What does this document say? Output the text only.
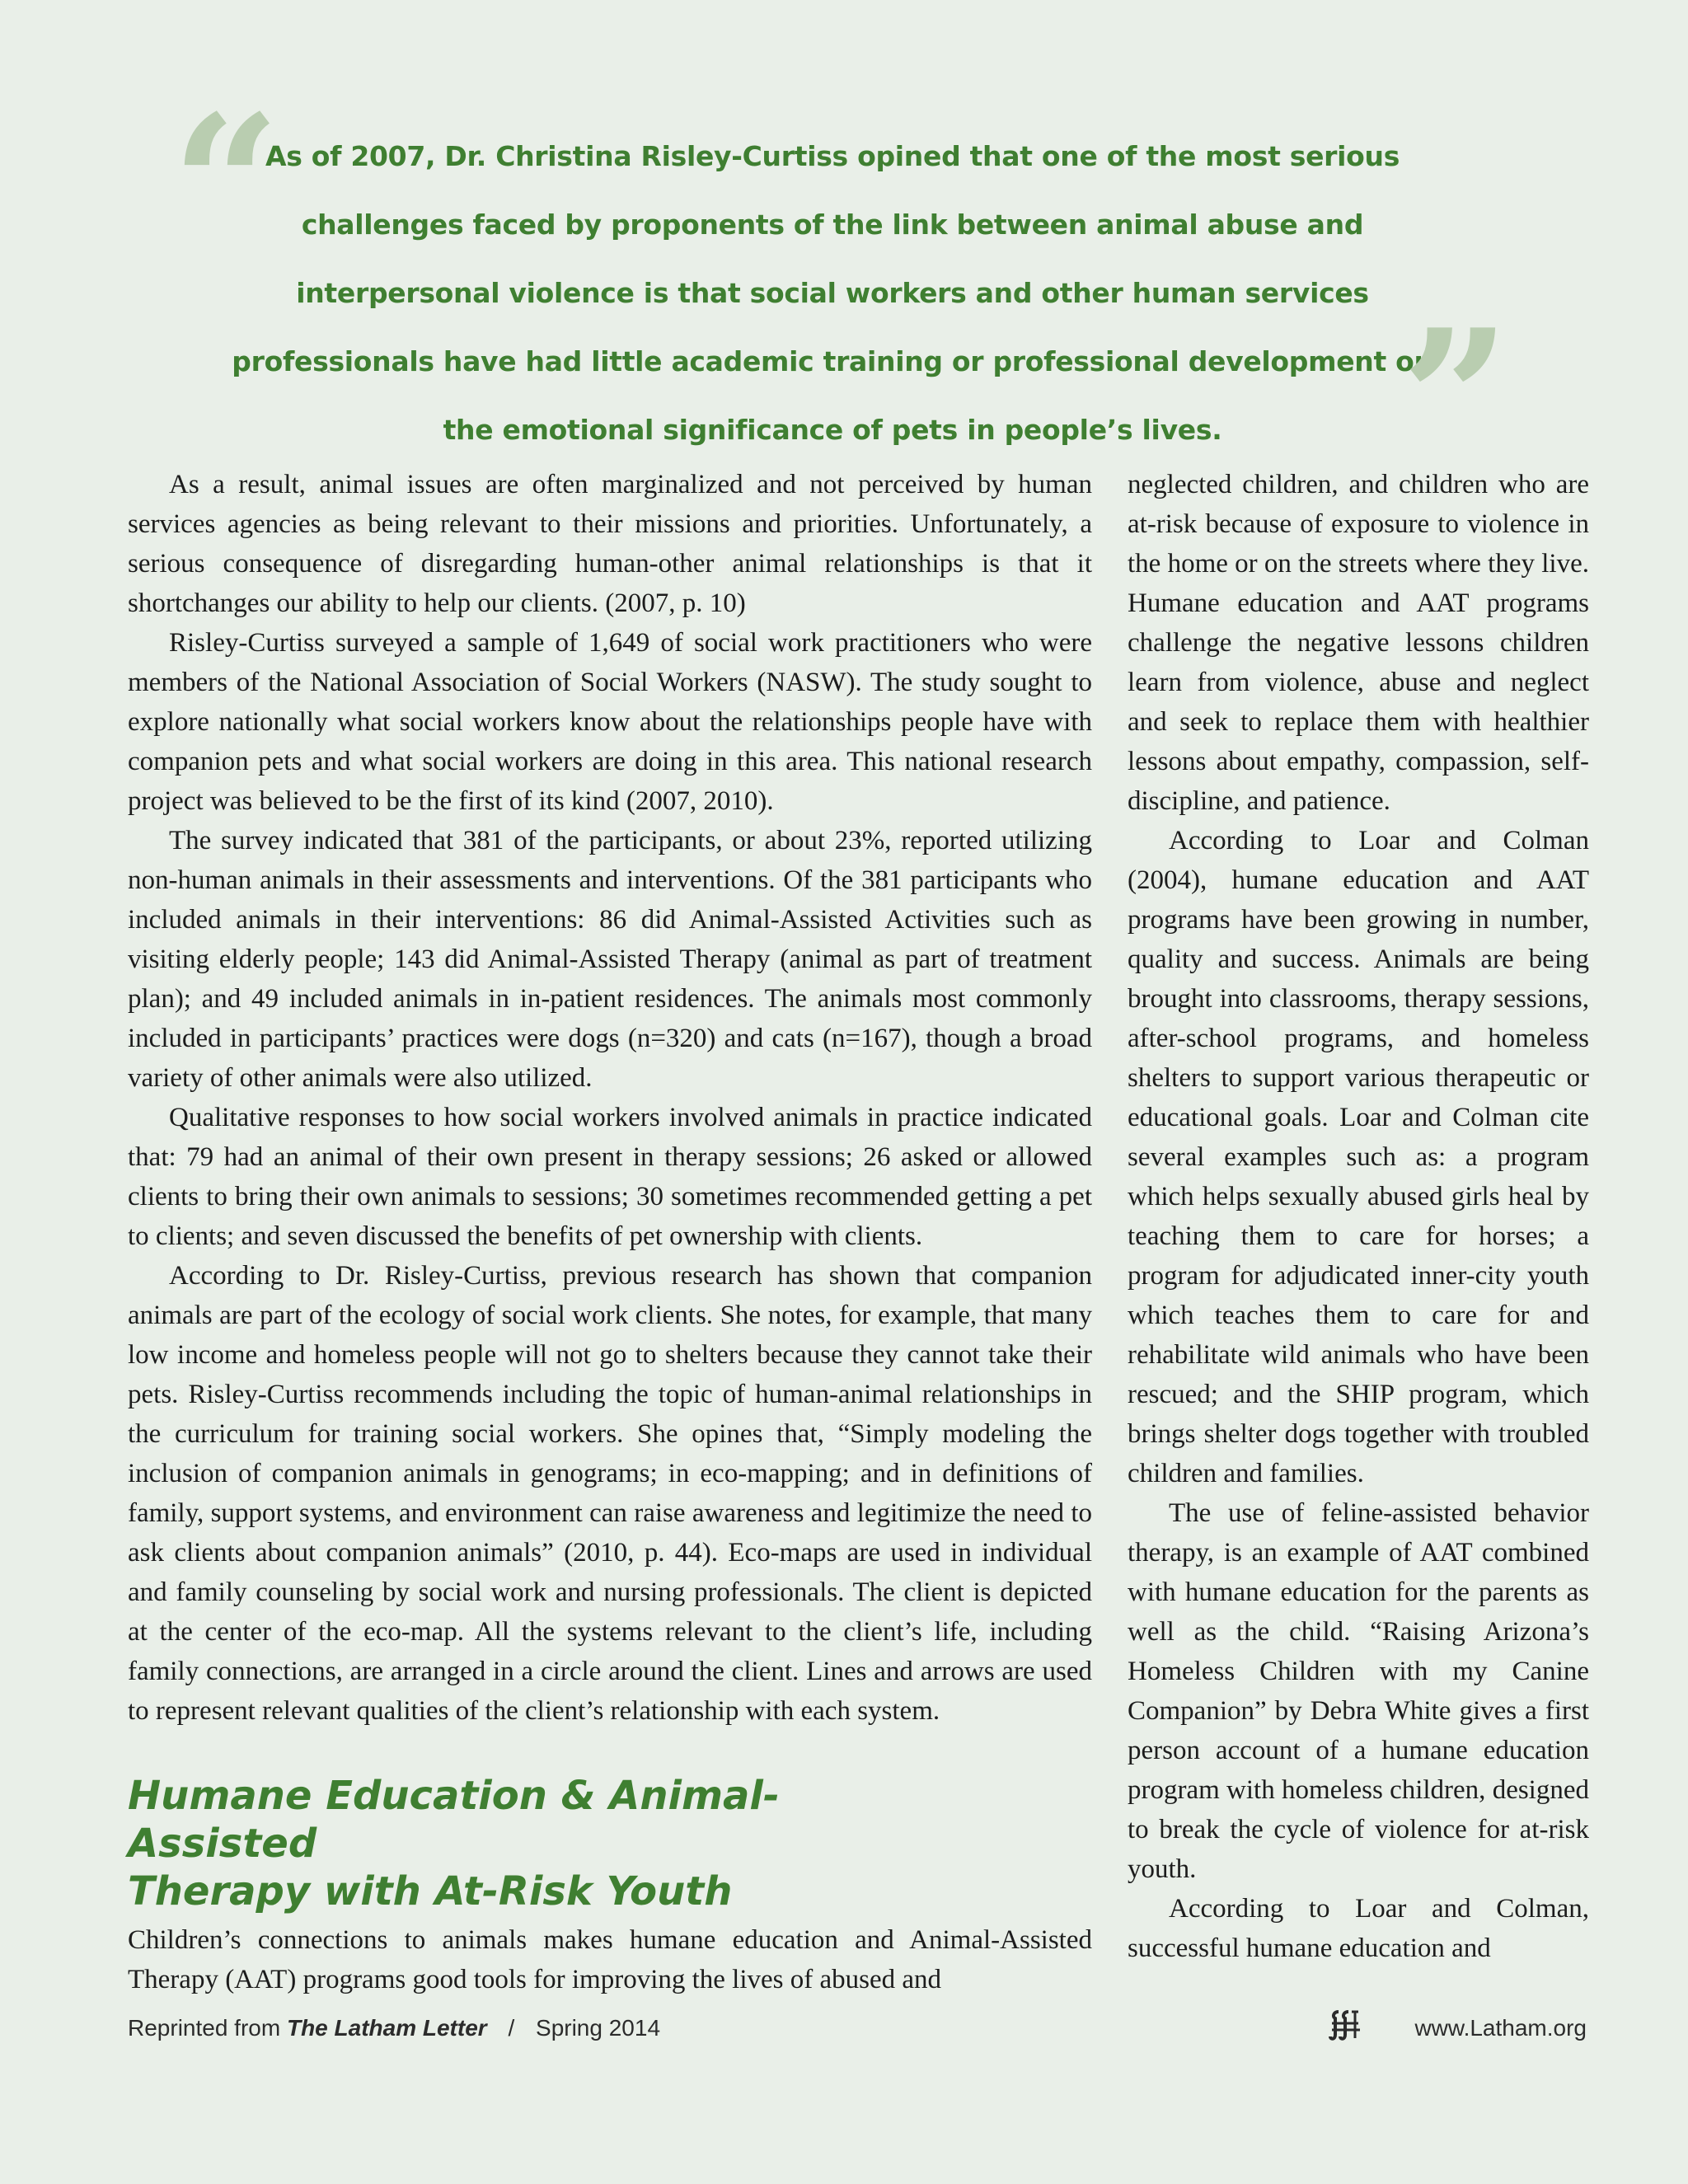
“
As of 2007, Dr. Christina Risley-Curtiss opined that one of the most serious challenges faced by proponents of the link between animal abuse and interpersonal violence is that social workers and other human services professionals have had little academic training or professional development on the emotional significance of pets in people’s lives. ”

As a result, animal issues are often marginalized and not perceived by human services agencies as being relevant to their missions and priorities. Unfortunately, a serious consequence of disregarding human-other animal relationships is that it shortchanges our ability to help our clients. (2007, p. 10)

Risley-Curtiss surveyed a sample of 1,649 of social work practitioners who were members of the National Association of Social Workers (NASW). The study sought to explore nationally what social workers know about the relationships people have with companion pets and what social workers are doing in this area. This national research project was believed to be the first of its kind (2007, 2010).

The survey indicated that 381 of the participants, or about 23%, reported utilizing non-human animals in their assessments and interventions. Of the 381 participants who included animals in their interventions: 86 did Animal-Assisted Activities such as visiting elderly people; 143 did Animal-Assisted Therapy (animal as part of treatment plan); and 49 included animals in in-patient residences. The animals most commonly included in participants’ practices were dogs (n=320) and cats (n=167), though a broad variety of other animals were also utilized.

Qualitative responses to how social workers involved animals in practice indicated that: 79 had an animal of their own present in therapy sessions; 26 asked or allowed clients to bring their own animals to sessions; 30 sometimes recommended getting a pet to clients; and seven discussed the benefits of pet ownership with clients.

According to Dr. Risley-Curtiss, previous research has shown that companion animals are part of the ecology of social work clients. She notes, for example, that many low income and homeless people will not go to shelters because they cannot take their pets. Risley-Curtiss recommends including the topic of human-animal relationships in the curriculum for training social workers. She opines that, “Simply modeling the inclusion of companion animals in genograms; in eco-mapping; and in definitions of family, support systems, and environment can raise awareness and legitimize the need to ask clients about companion animals” (2010, p. 44). Eco-maps are used in individual and family counseling by social work and nursing professionals. The client is depicted at the center of the eco-map. All the systems relevant to the client’s life, including family connections, are arranged in a circle around the client. Lines and arrows are used to represent relevant qualities of the client’s relationship with each system.

Humane Education & Animal-Assisted
Therapy with At-Risk Youth

Children’s connections to animals makes humane education and Animal-Assisted Therapy (AAT) programs good tools for improving the lives of abused and

neglected children, and children who are at-risk because of exposure to violence in the home or on the streets where they live. Humane education and AAT programs challenge the negative lessons children learn from violence, abuse and neglect and seek to replace them with healthier lessons about empathy, compassion, self-discipline, and patience.

According to Loar and Colman (2004), humane education and AAT programs have been growing in number, quality and success. Animals are being brought into classrooms, therapy sessions, after-school programs, and homeless shelters to support various therapeutic or educational goals. Loar and Colman cite several examples such as: a program which helps sexually abused girls heal by teaching them to care for horses; a program for adjudicated inner-city youth which teaches them to care for and rehabilitate wild animals who have been rescued; and the SHIP program, which brings shelter dogs together with troubled children and families.

The use of feline-assisted behavior therapy, is an example of AAT combined with humane education for the parents as well as the child. “Raising Arizona’s Homeless Children with my Canine Companion” by Debra White gives a first person account of a humane education program with homeless children, designed to break the cycle of violence for at-risk youth.

According to Loar and Colman, successful humane education and

Reprinted from The Latham Letter / Spring 2014	www.Latham.org
